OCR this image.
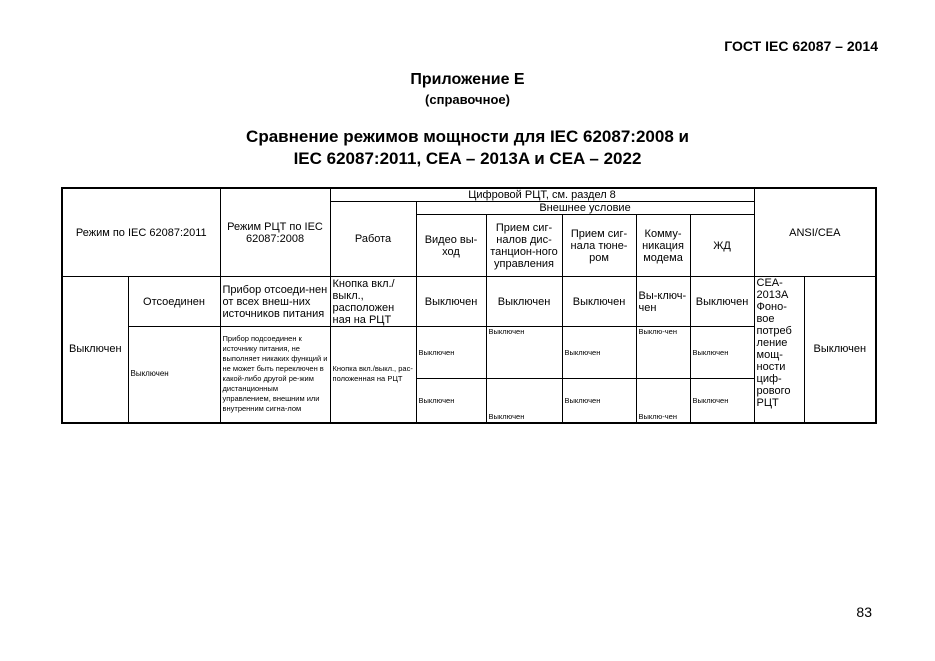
ГОСТ IEC 62087 – 2014
Приложение Е
(справочное)
Сравнение режимов мощности для IEC 62087:2008 и
IEC 62087:2011, CEA – 2013A и CEA – 2022
Режим по IEC 62087:2011		Режим РЦТ по IEC 62087:2008	Цифровой РЦТ, см. раздел 8						ANSI/CEA	
			Работа	Внешнее условие						
				Видео вы-ход	Прием сиг-налов дис-танцион-ного управления	Прием сиг-нала тюне-ром	Комму-никация модема	ЖД		

Выключен	Отсоединен	Прибор отсоеди-нен от всех внеш-них источников питания	Кнопка вкл./выкл., расположен ная на РЦТ	Выключен	Выключен	Выключен	Вы-ключ-чен	Выключен	CEA-2013A Фоно-вое потреб ление мощ-ности циф-рового РЦТ	Выключен
	Выключен	Прибор подсоединен к источнику питания, не выполняет никаких функций и не может быть переключен в какой-либо другой ре-жим дистанционным управлением, внешним или внутренним сигна-лом	Кнопка вкл./выкл., рас-положенная на РЦТ	Выключен	Выключен	Выключен	Выклю-чен	Выключен		
				Выключен	Выключен	Выключен	Выклю-чен	Выключен		

83
